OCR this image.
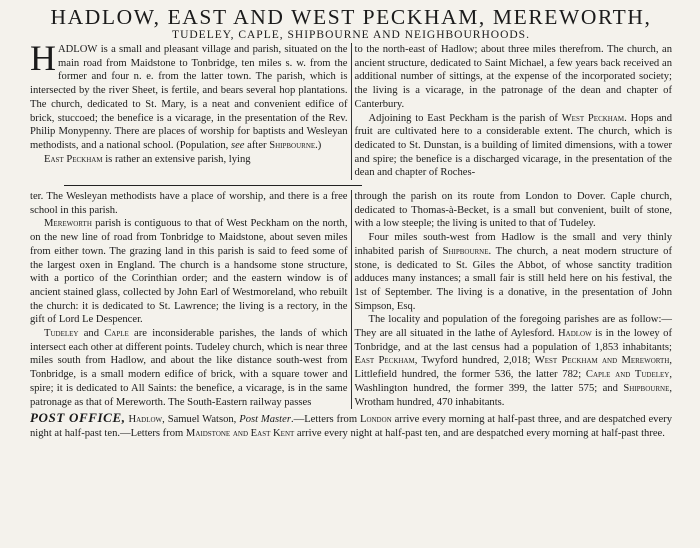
HADLOW, EAST AND WEST PECKHAM, MEREWORTH,
TUDELEY, CAPLE, SHIPBOURNE AND NEIGHBOURHOODS.

HADLOW is a small and pleasant village and parish, situated on the main road from Maidstone to Tonbridge, ten miles s. w. from the former and four n. e. from the latter town. The parish, which is intersected by the river Sheet, is fertile, and bears several hop plantations. The church, dedicated to St. Mary, is a neat and convenient edifice of brick, stuccoed; the benefice is a vicarage, in the presentation of the Rev. Philip Monypenny. There are places of worship for baptists and Wesleyan methodists, and a national school. (Population, see after Shipbourne.)

East Peckham is rather an extensive parish, lying

to the north-east of Hadlow; about three miles therefrom. The church, an ancient structure, dedicated to Saint Michael, a few years back received an additional number of sittings, at the expense of the incorporated society; the living is a vicarage, in the patronage of the dean and chapter of Canterbury.

Adjoining to East Peckham is the parish of West Peckham. Hops and fruit are cultivated here to a considerable extent. The church, which is dedicated to St. Dunstan, is a building of limited dimensions, with a tower and spire; the benefice is a discharged vicarage, in the presentation of the dean and chapter of Roches-

ter. The Wesleyan methodists have a place of worship, and there is a free school in this parish.

Mereworth parish is contiguous to that of West Peckham on the north, on the new line of road from Tonbridge to Maidstone, about seven miles from either town. The grazing land in this parish is said to feed some of the largest oxen in England. The church is a handsome stone structure, with a portico of the Corinthian order; and the eastern window is of ancient stained glass, collected by John Earl of Westmoreland, who rebuilt the church: it is dedicated to St. Lawrence; the living is a rectory, in the gift of Lord Le Despencer.

Tudeley and Caple are inconsiderable parishes, the lands of which intersect each other at different points. Tudeley church, which is near three miles south from Hadlow, and about the like distance south-west from Tonbridge, is a small modern edifice of brick, with a square tower and spire; it is dedicated to All Saints: the benefice, a vicarage, is in the same patronage as that of Mereworth. The South-Eastern railway passes

through the parish on its route from London to Dover. Caple church, dedicated to Thomas-à-Becket, is a small but convenient, built of stone, with a low steeple; the living is united to that of Tudeley.

Four miles south-west from Hadlow is the small and very thinly inhabited parish of Shipbourne. The church, a neat modern structure of stone, is dedicated to St. Giles the Abbot, of whose sanctity tradition adduces many instances; a small fair is still held here on his festival, the 1st of September. The living is a donative, in the presentation of John Simpson, Esq.

The locality and population of the foregoing parishes are as follow:—They are all situated in the lathe of Aylesford. Hadlow is in the lowey of Tonbridge, and at the last census had a population of 1,853 inhabitants; East Peckham, Twyford hundred, 2,018; West Peckham and Mereworth, Littlefield hundred, the former 536, the latter 782; Caple and Tudeley, Washlington hundred, the former 399, the latter 575; and Shipbourne, Wrotham hundred, 470 inhabitants.

POST OFFICE, Hadlow, Samuel Watson, Post Master.—Letters from London arrive every morning at half-past three, and are despatched every night at half-past ten.—Letters from Maidstone and East Kent arrive every night at half-past ten, and are despatched every morning at half-past three.
